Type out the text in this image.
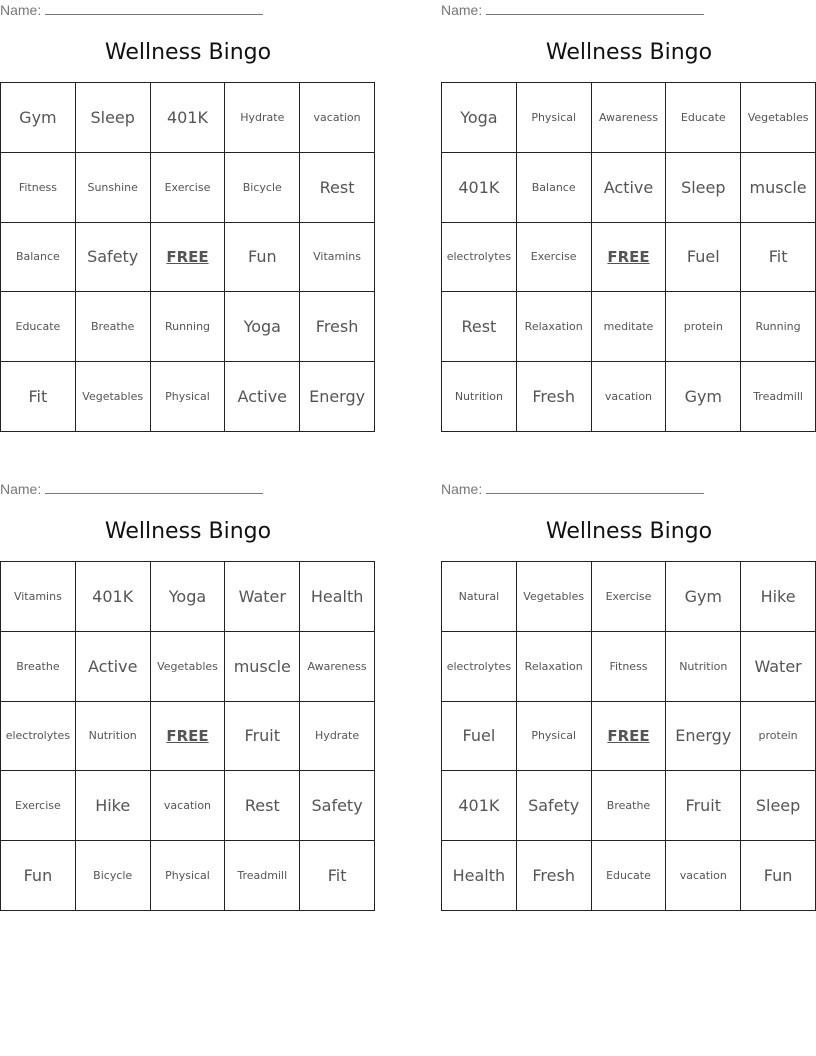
Name:
Wellness Bingo
Gym	Sleep	401K	Hydrate	vacation
Fitness	Sunshine	Exercise	Bicycle	Rest
Balance	Safety	FREE	Fun	Vitamins
Educate	Breathe	Running	Yoga	Fresh
Fit	Vegetables	Physical	Active	Energy
Name:
Wellness Bingo
Yoga	Physical	Awareness	Educate	Vegetables
401K	Balance	Active	Sleep	muscle
electrolytes	Exercise	FREE	Fuel	Fit
Rest	Relaxation	meditate	protein	Running
Nutrition	Fresh	vacation	Gym	Treadmill
Name:
Wellness Bingo
Vitamins	401K	Yoga	Water	Health
Breathe	Active	Vegetables	muscle	Awareness
electrolytes	Nutrition	FREE	Fruit	Hydrate
Exercise	Hike	vacation	Rest	Safety
Fun	Bicycle	Physical	Treadmill	Fit
Name:
Wellness Bingo
Natural	Vegetables	Exercise	Gym	Hike
electrolytes	Relaxation	Fitness	Nutrition	Water
Fuel	Physical	FREE	Energy	protein
401K	Safety	Breathe	Fruit	Sleep
Health	Fresh	Educate	vacation	Fun
